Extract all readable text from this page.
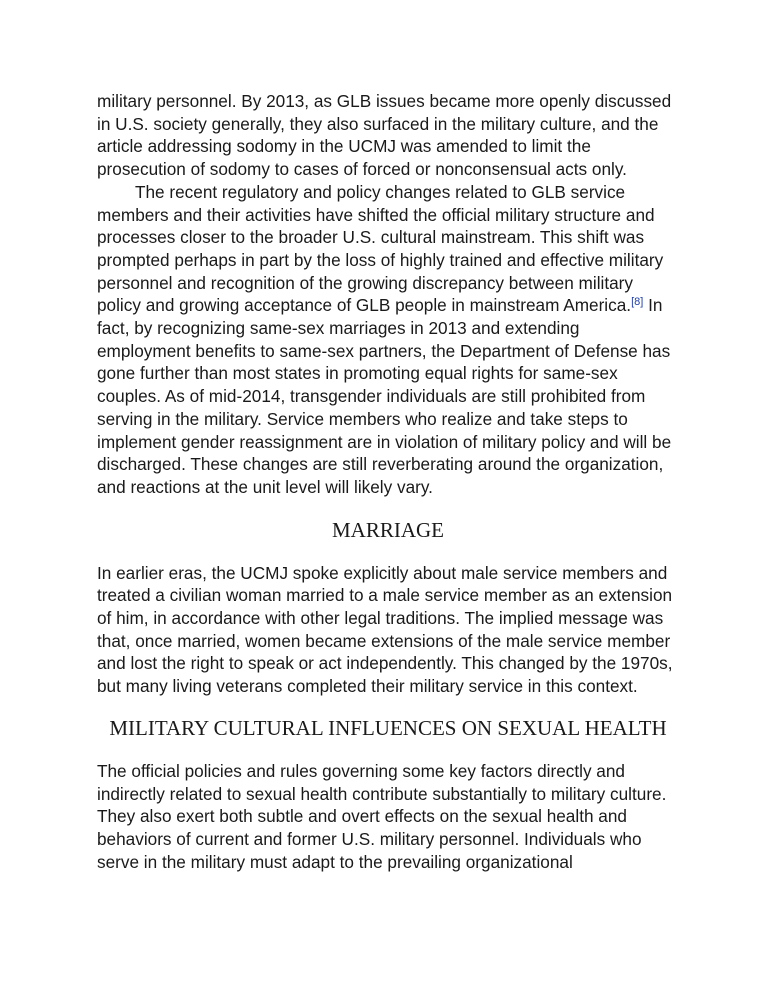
military personnel. By 2013, as GLB issues became more openly discussed in U.S. society generally, they also surfaced in the military culture, and the article addressing sodomy in the UCMJ was amended to limit the prosecution of sodomy to cases of forced or nonconsensual acts only.

The recent regulatory and policy changes related to GLB service members and their activities have shifted the official military structure and processes closer to the broader U.S. cultural mainstream. This shift was prompted perhaps in part by the loss of highly trained and effective military personnel and recognition of the growing discrepancy between military policy and growing acceptance of GLB people in mainstream America.[8] In fact, by recognizing same-sex marriages in 2013 and extending employment benefits to same-sex partners, the Department of Defense has gone further than most states in promoting equal rights for same-sex couples. As of mid-2014, transgender individuals are still prohibited from serving in the military. Service members who realize and take steps to implement gender reassignment are in violation of military policy and will be discharged. These changes are still reverberating around the organization, and reactions at the unit level will likely vary.

MARRIAGE

In earlier eras, the UCMJ spoke explicitly about male service members and treated a civilian woman married to a male service member as an extension of him, in accordance with other legal traditions. The implied message was that, once married, women became extensions of the male service member and lost the right to speak or act independently. This changed by the 1970s, but many living veterans completed their military service in this context.

MILITARY CULTURAL INFLUENCES ON SEXUAL HEALTH

The official policies and rules governing some key factors directly and indirectly related to sexual health contribute substantially to military culture. They also exert both subtle and overt effects on the sexual health and behaviors of current and former U.S. military personnel. Individuals who serve in the military must adapt to the prevailing organizational
